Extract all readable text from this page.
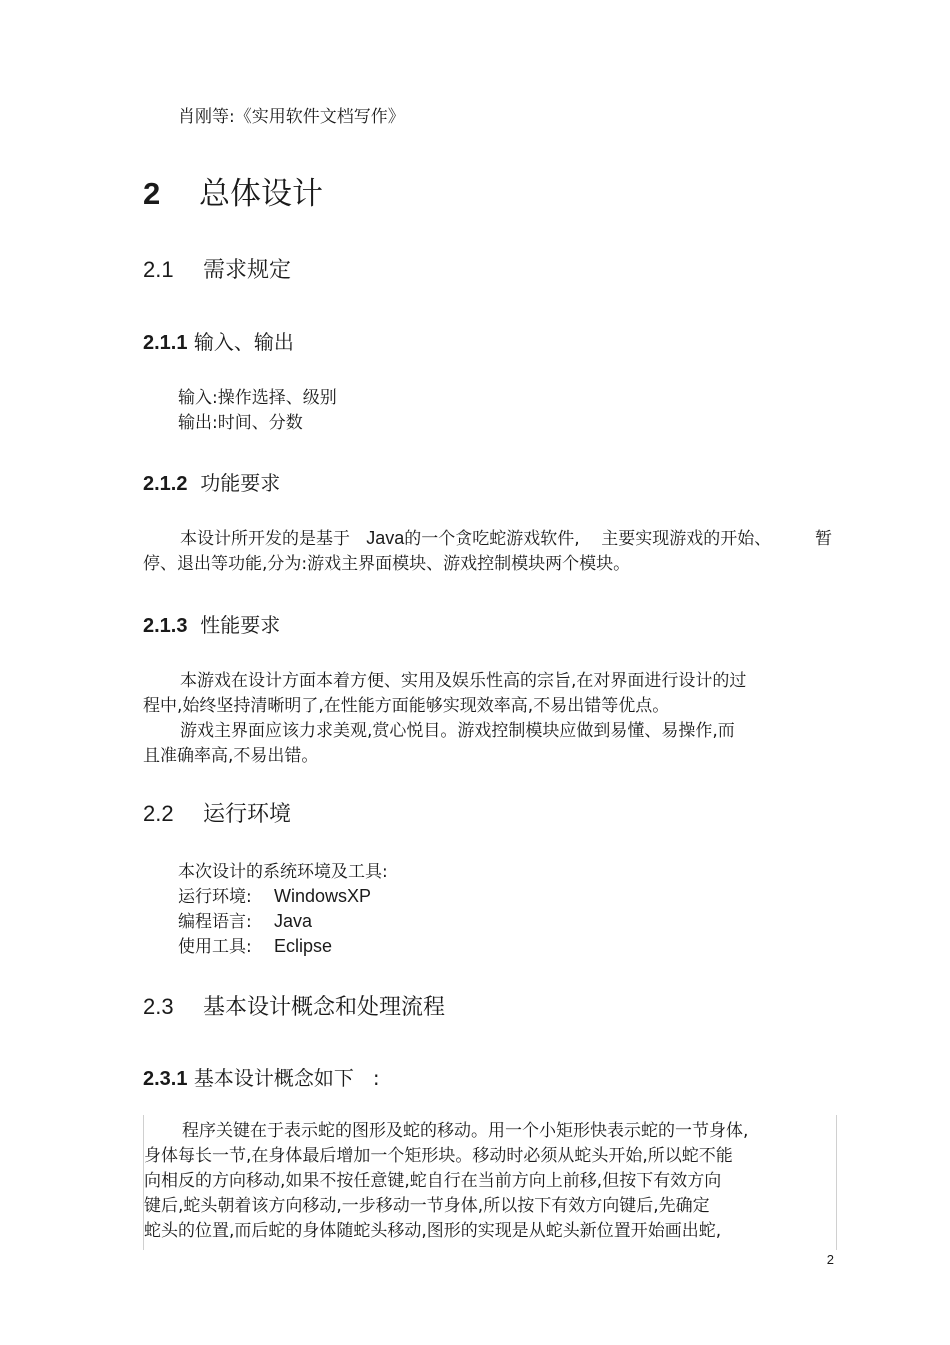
肖刚等:《实用软件文档写作》
2 总体设计
2.1 需求规定
2.1.1 输入、输出
输入:操作选择、级别
输出:时间、分数
2.1.2 功能要求
本设计所开发的是基于 Java的一个贪吃蛇游戏软件, 主要实现游戏的开始、	暂
停、退出等功能,分为:游戏主界面模块、游戏控制模块两个模块。
2.1.3 性能要求
本游戏在设计方面本着方便、实用及娱乐性高的宗旨,在对界面进行设计的过
程中,始终坚持清晰明了,在性能方面能够实现效率高,不易出错等优点。
游戏主界面应该力求美观,赏心悦目。游戏控制模块应做到易懂、易操作,而
且准确率高,不易出错。
2.2 运行环境
本次设计的系统环境及工具:
运行环境: WindowsXP
编程语言: Java
使用工具: Eclipse
2.3 基本设计概念和处理流程
2.3.1 基本设计概念如下 :
程序关键在于表示蛇的图形及蛇的移动。用一个小矩形快表示蛇的一节身体,
身体每长一节,在身体最后增加一个矩形块。移动时必须从蛇头开始,所以蛇不能
向相反的方向移动,如果不按任意键,蛇自行在当前方向上前移,但按下有效方向
键后,蛇头朝着该方向移动,一步移动一节身体,所以按下有效方向键后,先确定
蛇头的位置,而后蛇的身体随蛇头移动,图形的实现是从蛇头新位置开始画出蛇,
2
